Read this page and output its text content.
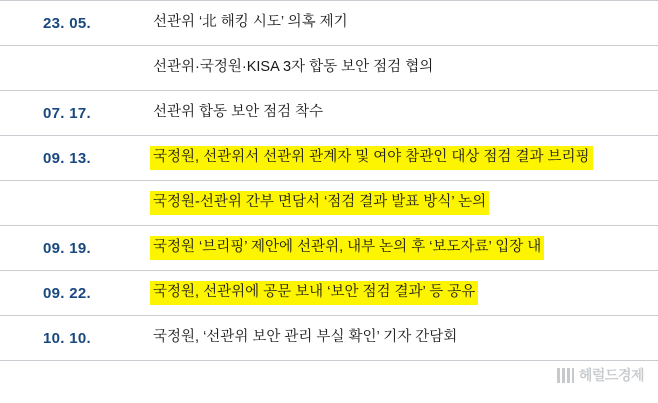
23. 05.	선관위 ‘北 해킹 시도’ 의혹 제기

	선관위·국정원·KISA 3자 합동 보안 점검 협의

07. 17.	선관위 합동 보안 점검 착수

09. 13.	국정원, 선관위서 선관위 관계자 및 여야 참관인 대상 점검 결과 브리핑

	국정원-선관위 간부 면담서 ‘점검 결과 발표 방식’ 논의

09. 19.	국정원 ‘브리핑’ 제안에 선관위, 내부 논의 후 ‘보도자료’ 입장 내

09. 22.	국정원, 선관위에 공문 보내 ‘보안 점검 결과’ 등 공유

10. 10.	국정원, ‘선관위 보안 관리 부실 확인’ 기자 간담회
헤럴드경제
